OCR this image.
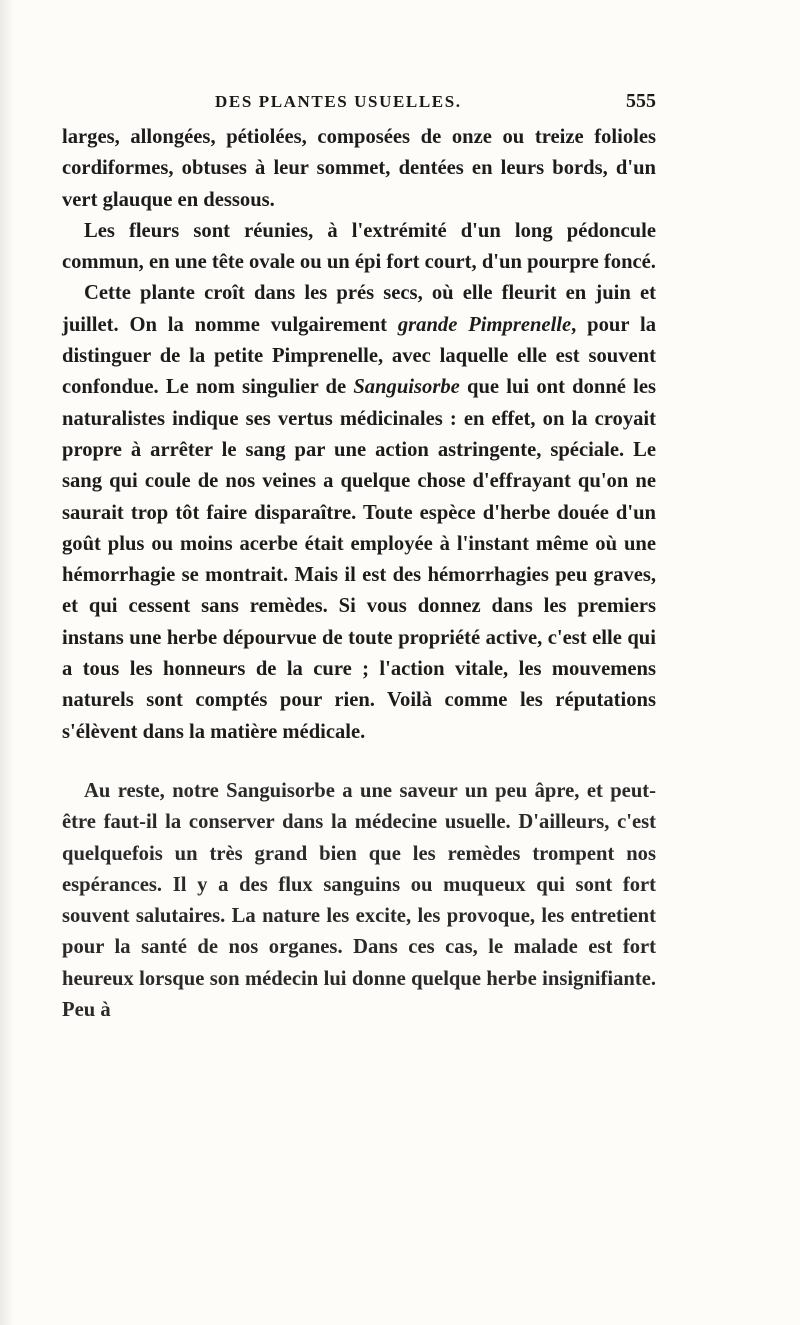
DES PLANTES USUELLES.	555

larges, allongées, pétiolées, composées de onze ou treize folioles cordiformes, obtuses à leur sommet, dentées en leurs bords, d'un vert glauque en dessous.

Les fleurs sont réunies, à l'extrémité d'un long pédoncule commun, en une tête ovale ou un épi fort court, d'un pourpre foncé.

Cette plante croît dans les prés secs, où elle fleurit en juin et juillet. On la nomme vulgairement grande Pimprenelle, pour la distinguer de la petite Pimprenelle, avec laquelle elle est souvent confondue. Le nom singulier de Sanguisorbe que lui ont donné les naturalistes indique ses vertus médicinales : en effet, on la croyait propre à arrêter le sang par une action astringente, spéciale. Le sang qui coule de nos veines a quelque chose d'effrayant qu'on ne saurait trop tôt faire disparaître. Toute espèce d'herbe douée d'un goût plus ou moins acerbe était employée à l'instant même où une hémorrhagie se montrait. Mais il est des hémorrhagies peu graves, et qui cessent sans remèdes. Si vous donnez dans les premiers instans une herbe dépourvue de toute propriété active, c'est elle qui a tous les honneurs de la cure ; l'action vitale, les mouvemens naturels sont comptés pour rien. Voilà comme les réputations s'élèvent dans la matière médicale.

Au reste, notre Sanguisorbe a une saveur un peu âpre, et peut-être faut-il la conserver dans la médecine usuelle. D'ailleurs, c'est quelquefois un très grand bien que les remèdes trompent nos espérances. Il y a des flux sanguins ou muqueux qui sont fort souvent salutaires. La nature les excite, les provoque, les entretient pour la santé de nos organes. Dans ces cas, le malade est fort heureux lorsque son médecin lui donne quelque herbe insignifiante. Peu à
